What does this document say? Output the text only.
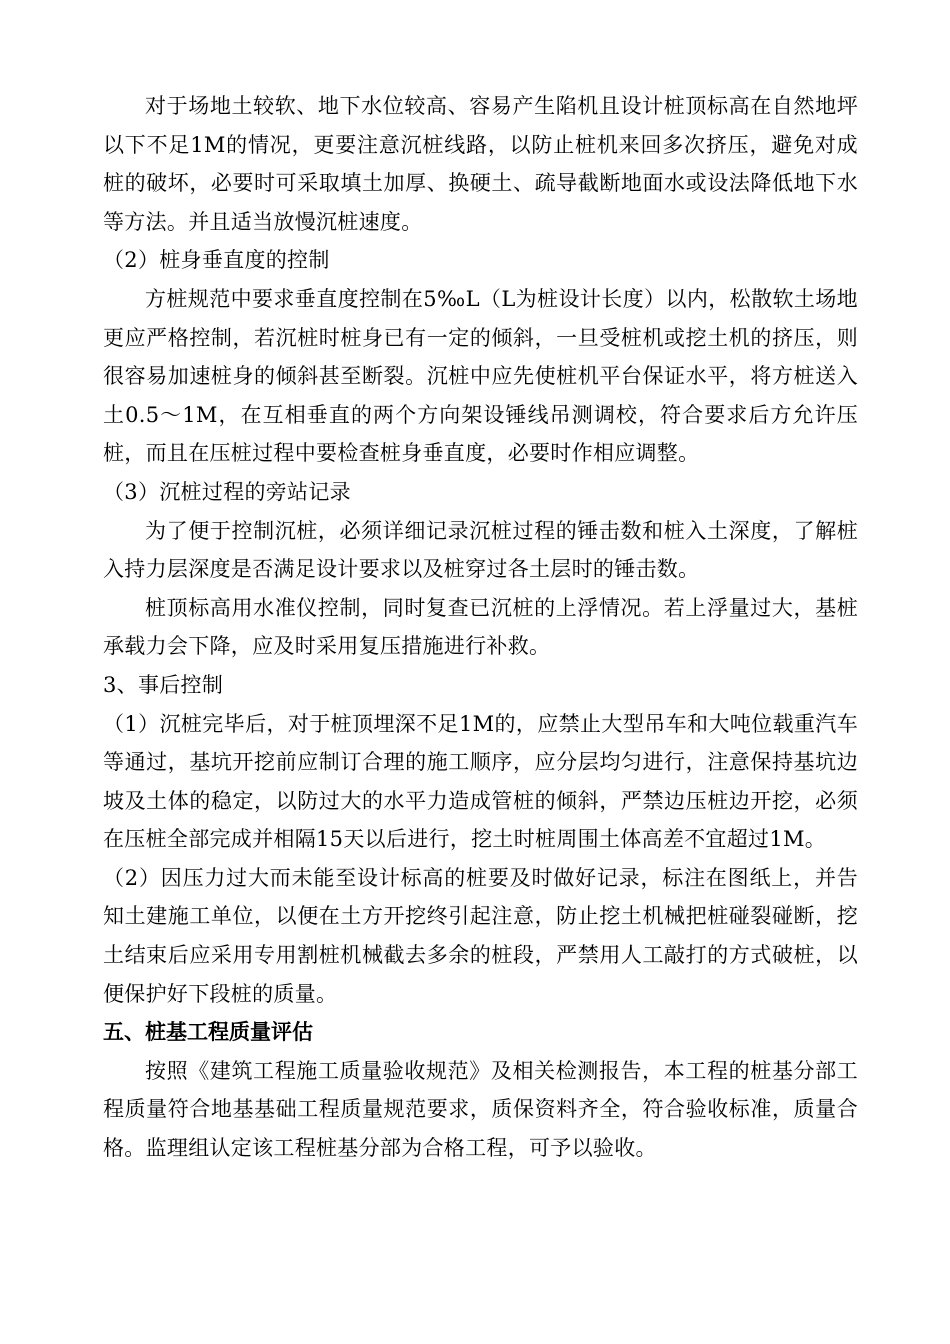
对于场地土较软、地下水位较高、容易产生陷机且设计桩顶标高在自然地坪以下不足1M的情况，更要注意沉桩线路，以防止桩机来回多次挤压，避免对成桩的破坏，必要时可采取填土加厚、换硬土、疏导截断地面水或设法降低地下水等方法。并且适当放慢沉桩速度。

（2）桩身垂直度的控制

方桩规范中要求垂直度控制在5‰L（L为桩设计长度）以内，松散软土场地更应严格控制，若沉桩时桩身已有一定的倾斜，一旦受桩机或挖土机的挤压，则很容易加速桩身的倾斜甚至断裂。沉桩中应先使桩机平台保证水平，将方桩送入土0.5～1M，在互相垂直的两个方向架设锤线吊测调校，符合要求后方允许压桩，而且在压桩过程中要检查桩身垂直度，必要时作相应调整。

（3）沉桩过程的旁站记录

为了便于控制沉桩，必须详细记录沉桩过程的锤击数和桩入土深度，了解桩入持力层深度是否满足设计要求以及桩穿过各土层时的锤击数。

桩顶标高用水准仪控制，同时复查已沉桩的上浮情况。若上浮量过大，基桩承载力会下降，应及时采用复压措施进行补救。

3、事后控制

（1）沉桩完毕后，对于桩顶埋深不足1M的，应禁止大型吊车和大吨位载重汽车等通过，基坑开挖前应制订合理的施工顺序，应分层均匀进行，注意保持基坑边坡及土体的稳定，以防过大的水平力造成管桩的倾斜，严禁边压桩边开挖，必须在压桩全部完成并相隔15天以后进行，挖土时桩周围土体高差不宜超过1M。

（2）因压力过大而未能至设计标高的桩要及时做好记录，标注在图纸上，并告知土建施工单位，以便在土方开挖终引起注意，防止挖土机械把桩碰裂碰断，挖土结束后应采用专用割桩机械截去多余的桩段，严禁用人工敲打的方式破桩，以便保护好下段桩的质量。

五、桩基工程质量评估

按照《建筑工程施工质量验收规范》及相关检测报告，本工程的桩基分部工程质量符合地基基础工程质量规范要求，质保资料齐全，符合验收标准，质量合格。监理组认定该工程桩基分部为合格工程，可予以验收。
